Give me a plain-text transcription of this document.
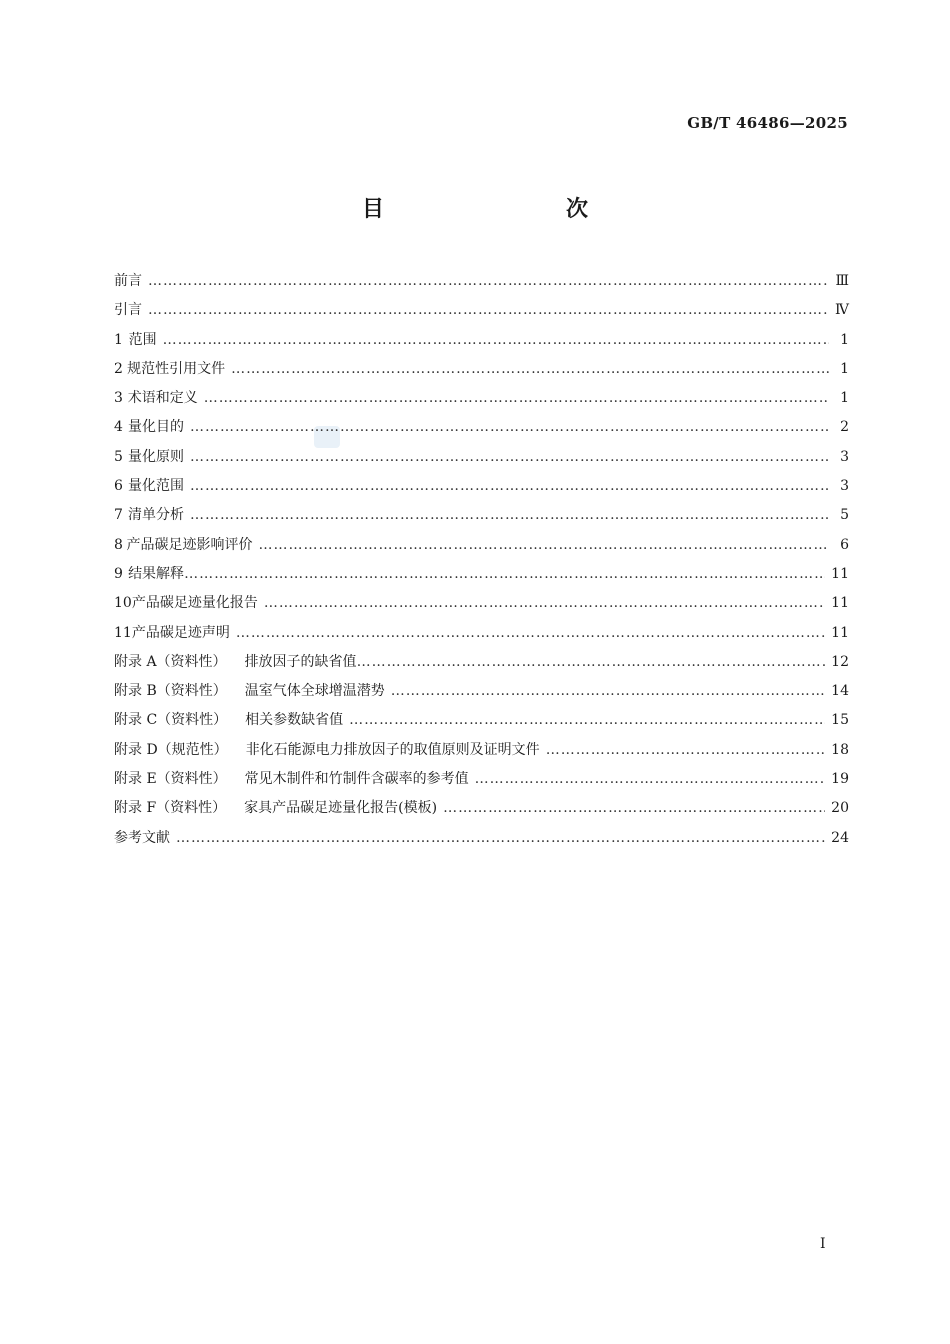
GB/T 46486—2025
目　　次
前言 …………………………………………………………………………………………………………………………………………………………………………………………………………	Ⅲ
引言 …………………………………………………………………………………………………………………………………………………………………………………………………………	Ⅳ
1 范围 …………………………………………………………………………………………………………………………………………………………………………………………………………	1
2 规范性引用文件 …………………………………………………………………………………………………………………………………………………………………………………………………………	1
3 术语和定义 …………………………………………………………………………………………………………………………………………………………………………………………………………	1
4 量化目的 …………………………………………………………………………………………………………………………………………………………………………………………………………	2
5 量化原则 …………………………………………………………………………………………………………………………………………………………………………………………………………	3
6 量化范围 …………………………………………………………………………………………………………………………………………………………………………………………………………	3
7 清单分析 …………………………………………………………………………………………………………………………………………………………………………………………………………	5
8 产品碳足迹影响评价 …………………………………………………………………………………………………………………………………………………………………………………………………………	6
9 结果解释 …………………………………………………………………………………………………………………………………………………………………………………………………………	11
10 产品碳足迹量化报告 …………………………………………………………………………………………………………………………………………………………………………………………………………	11
11 产品碳足迹声明 …………………………………………………………………………………………………………………………………………………………………………………………………………	11
附录 A（资料性） 排放因子的缺省值 …………………………………………………………………………………………………………………………………………………………………………………………………………	12
附录 B（资料性） 温室气体全球增温潜势 …………………………………………………………………………………………………………………………………………………………………………………………………………	14
附录 C（资料性） 相关参数缺省值 …………………………………………………………………………………………………………………………………………………………………………………………………………	15
附录 D（规范性） 非化石能源电力排放因子的取值原则及证明文件 …………………………………………………………………………………………………………………………………………………………………………………………………………	18
附录 E（资料性） 常见木制件和竹制件含碳率的参考值 …………………………………………………………………………………………………………………………………………………………………………………………………………	19
附录 F（资料性） 家具产品碳足迹量化报告(模板) …………………………………………………………………………………………………………………………………………………………………………………………………………	20
参考文献 …………………………………………………………………………………………………………………………………………………………………………………………………………	24
I
